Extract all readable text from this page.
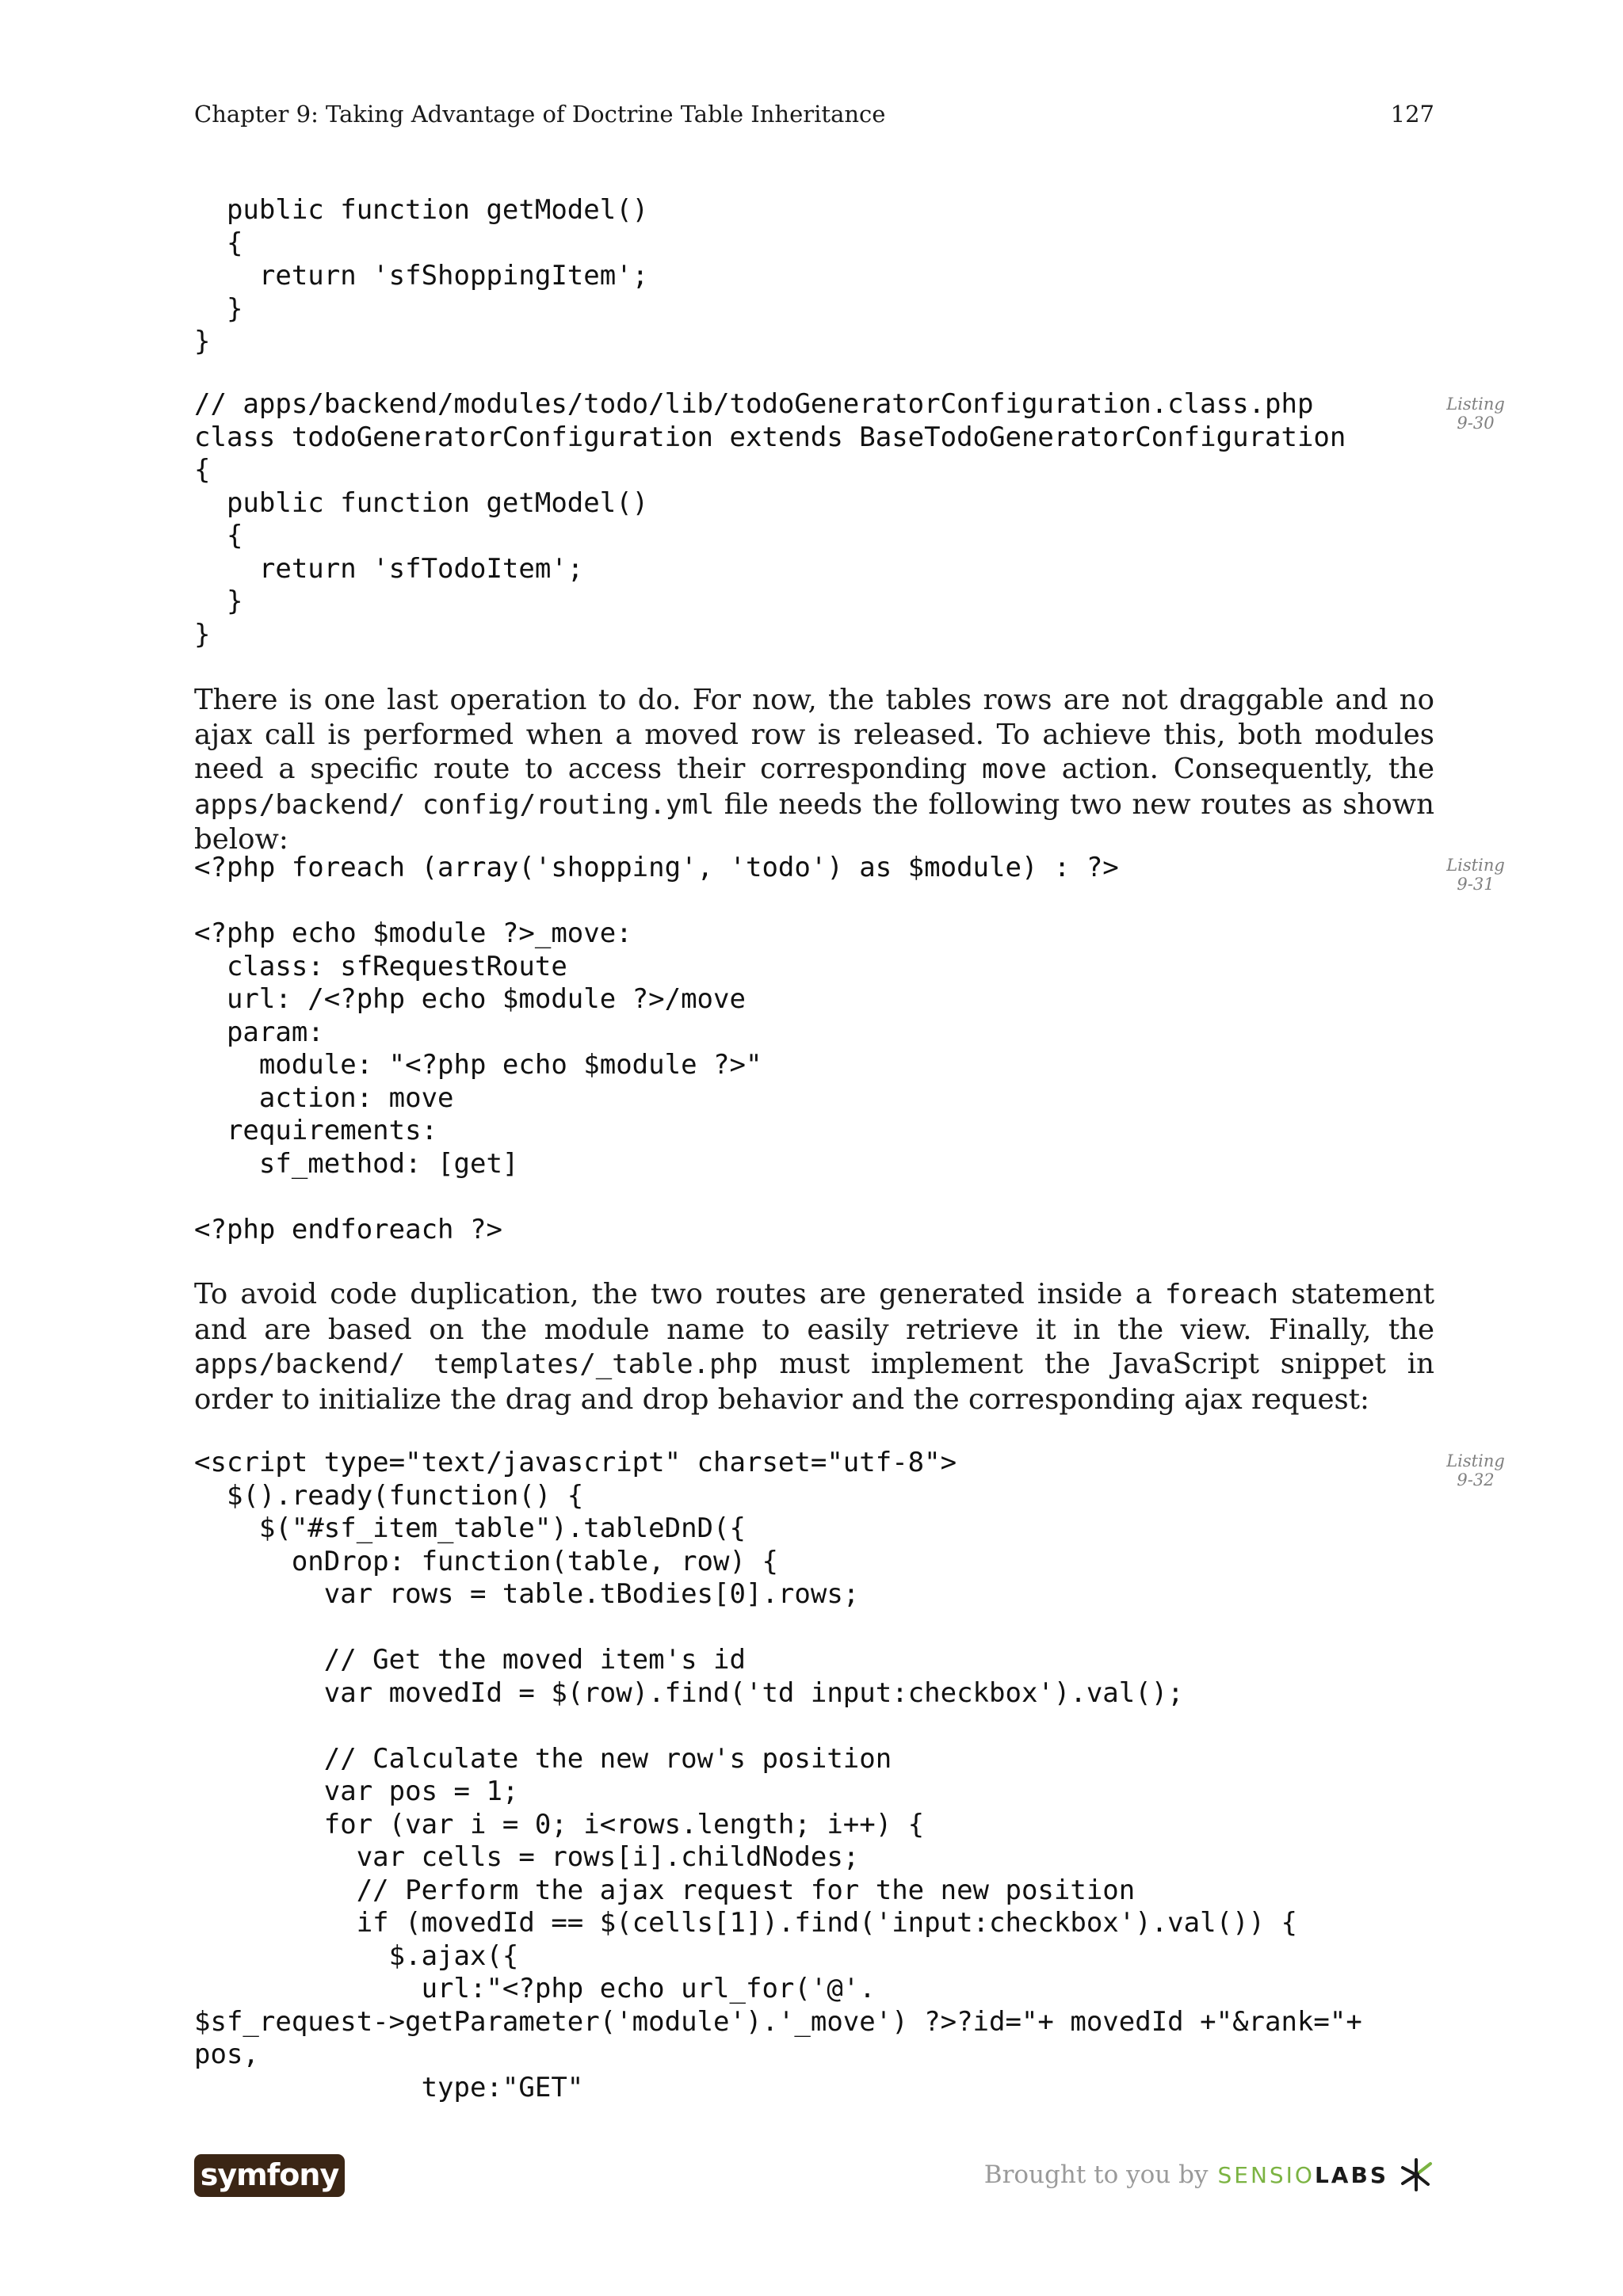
Chapter 9: Taking Advantage of Doctrine Table Inheritance	127
public function getModel()
{
return 'sfShoppingItem';
}
}
Listing
9-30
// apps/backend/modules/todo/lib/todoGeneratorConfiguration.class.php
class todoGeneratorConfiguration extends BaseTodoGeneratorConfiguration
{
public function getModel()
{
return 'sfTodoItem';
}
}

There is one last operation to do. For now, the tables rows are not draggable and no ajax call is performed when a moved row is released. To achieve this, both modules need a specific route to access their corresponding move action. Consequently, the apps/backend/ config/routing.yml file needs the following two new routes as shown below:

Listing
9-31
<?php foreach (array('shopping', 'todo') as $module) : ?>

<?php echo $module ?>_move:
class: sfRequestRoute
url: /<?php echo $module ?>/move
param:
module: "<?php echo $module ?>"
action: move
requirements:
sf_method: [get]

<?php endforeach ?>

To avoid code duplication, the two routes are generated inside a foreach statement and are based on the module name to easily retrieve it in the view. Finally, the apps/backend/ templates/_table.php must implement the JavaScript snippet in order to initialize the drag and drop behavior and the corresponding ajax request:

Listing
9-32
<script type="text/javascript" charset="utf-8">
$().ready(function() {
$("#sf_item_table").tableDnD({
onDrop: function(table, row) {
var rows = table.tBodies[0].rows;

// Get the moved item's id
var movedId = $(row).find('td input:checkbox').val();

// Calculate the new row's position
var pos = 1;
for (var i = 0; i<rows.length; i++) {
var cells = rows[i].childNodes;
// Perform the ajax request for the new position
if (movedId == $(cells[1]).find('input:checkbox').val()) {
$.ajax({
url:"<?php echo url_for('@'.
$sf_request->getParameter('module').'_move') ?>?id="+ movedId +"&rank="+
pos,
type:"GET"
symfony	Brought to you by SENSIOLABS
